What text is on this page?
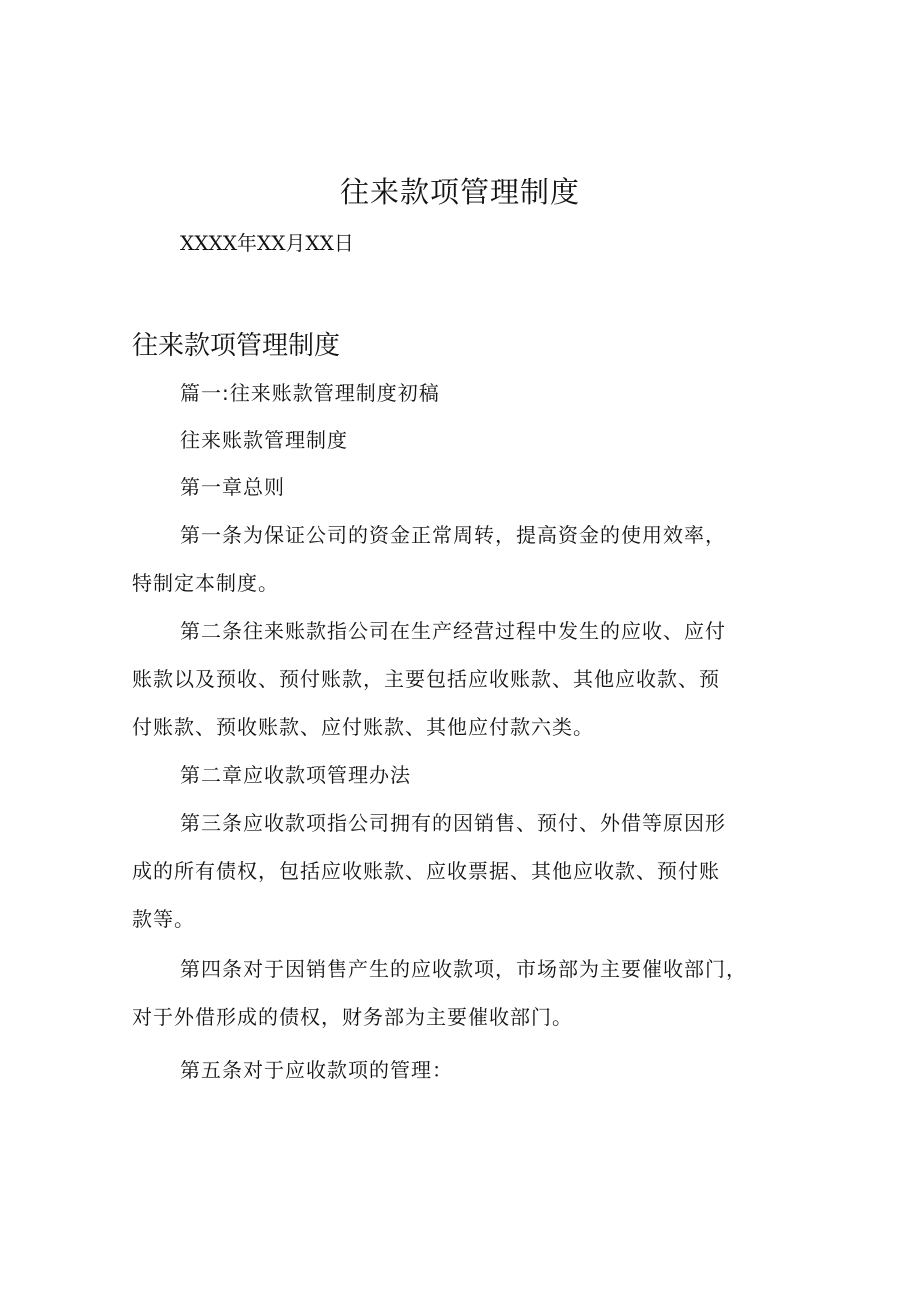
往来款项管理制度
XXXX年XX月XX日
往来款项管理制度
篇一:往来账款管理制度初稿
往来账款管理制度
第一章总则
第一条为保证公司的资金正常周转，提高资金的使用效率，
特制定本制度。
第二条往来账款指公司在生产经营过程中发生的应收、应付
账款以及预收、预付账款，主要包括应收账款、其他应收款、预
付账款、预收账款、应付账款、其他应付款六类。
第二章应收款项管理办法
第三条应收款项指公司拥有的因销售、预付、外借等原因形
成的所有债权，包括应收账款、应收票据、其他应收款、预付账
款等。
第四条对于因销售产生的应收款项，市场部为主要催收部门，
对于外借形成的债权，财务部为主要催收部门。
第五条对于应收款项的管理：
